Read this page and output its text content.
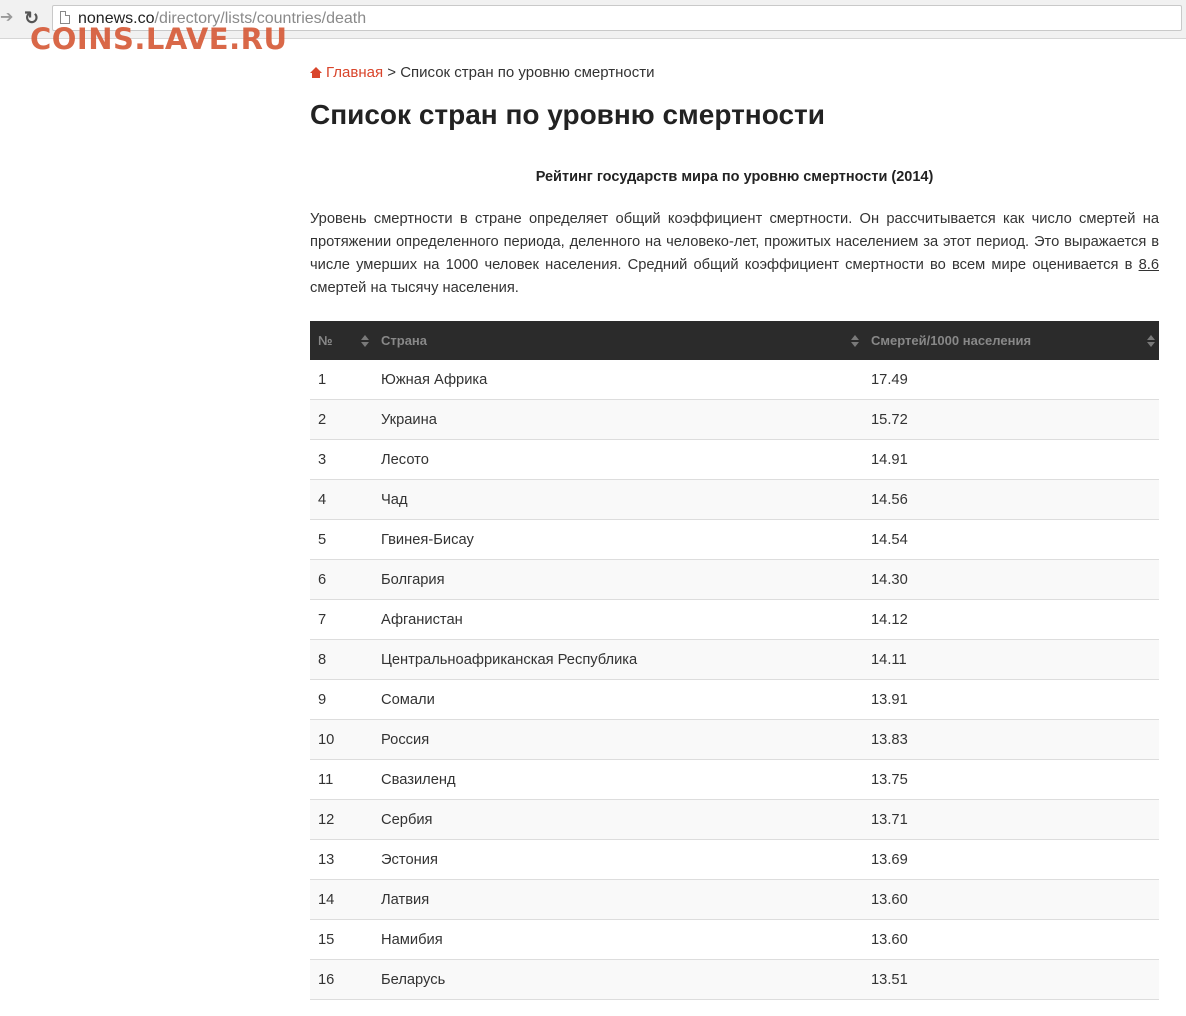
➔ ↻	nonews.co/directory/lists/countries/death
COINS.LAVE.RU
Главная > Список стран по уровню смертности
Список стран по уровню смертности
Рейтинг государств мира по уровню смертности (2014)

Уровень смертности в стране определяет общий коэффициент смертности. Он рассчитывается как число смертей на протяжении определенного периода, деленного на человеко-лет, прожитых населением за этот период. Это выражается в числе умерших на 1000 человек населения. Средний общий коэффициент смертности во всем мире оценивается в 8.6 смертей на тысячу населения.

№	Страна	Смертей/1000 населения

1	Южная Африка	17.49
2	Украина	15.72
3	Лесото	14.91
4	Чад	14.56
5	Гвинея-Бисау	14.54
6	Болгария	14.30
7	Афганистан	14.12
8	Центральноафриканская Республика	14.11
9	Сомали	13.91
10	Россия	13.83
11	Свазиленд	13.75
12	Сербия	13.71
13	Эстония	13.69
14	Латвия	13.60
15	Намибия	13.60
16	Беларусь	13.51
